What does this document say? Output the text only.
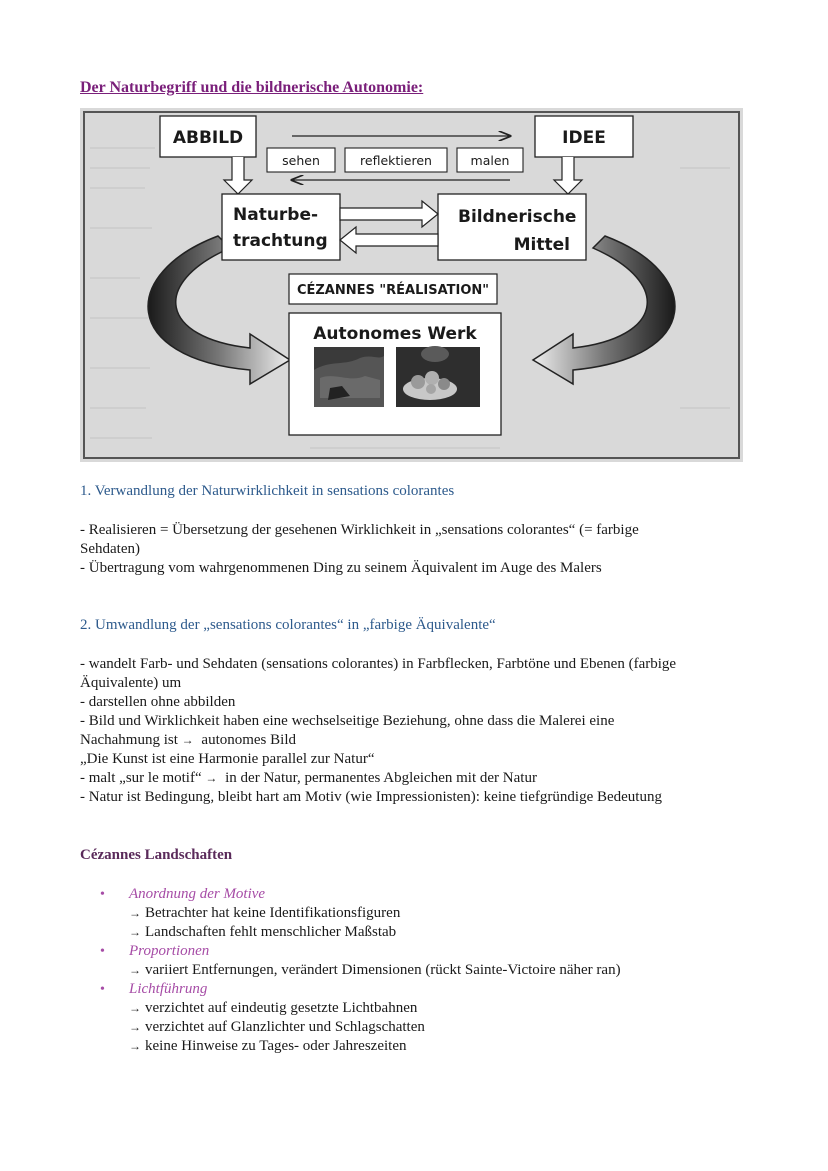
Der Naturbegriff und die bildnerische Autonomie:
ABBILD	IDEE
sehen	reflektieren	malen
Naturbe-
trachtung
Bildnerische
Mittel
CÉZANNES "RÉALISATION"
Autonomes Werk
1. Verwandlung der Naturwirklichkeit in sensations colorantes
- Realisieren = Übersetzung der gesehenen Wirklichkeit in „sensations colorantes“ (= farbige
Sehdaten)
- Übertragung vom wahrgenommenen Ding zu seinem Äquivalent im Auge des Malers
2. Umwandlung der „sensations colorantes“ in „farbige Äquivalente“
- wandelt Farb- und Sehdaten (sensations colorantes) in Farbflecken, Farbtöne und Ebenen (farbige
Äquivalente) um
- darstellen ohne abbilden
- Bild und Wirklichkeit haben eine wechselseitige Beziehung, ohne dass die Malerei eine
Nachahmung ist → autonomes Bild
„Die Kunst ist eine Harmonie parallel zur Natur“
- malt „sur le motif“ → in der Natur, permanentes Abgleichen mit der Natur
- Natur ist Bedingung, bleibt hart am Motiv (wie Impressionisten): keine tiefgründige Bedeutung
Cézannes Landschaften
• Anordnung der Motive
→ Betrachter hat keine Identifikationsfiguren
→ Landschaften fehlt menschlicher Maßstab
• Proportionen
→ variiert Entfernungen, verändert Dimensionen (rückt Sainte-Victoire näher ran)
• Lichtführung
→ verzichtet auf eindeutig gesetzte Lichtbahnen
→ verzichtet auf Glanzlichter und Schlagschatten
→ keine Hinweise zu Tages- oder Jahreszeiten
